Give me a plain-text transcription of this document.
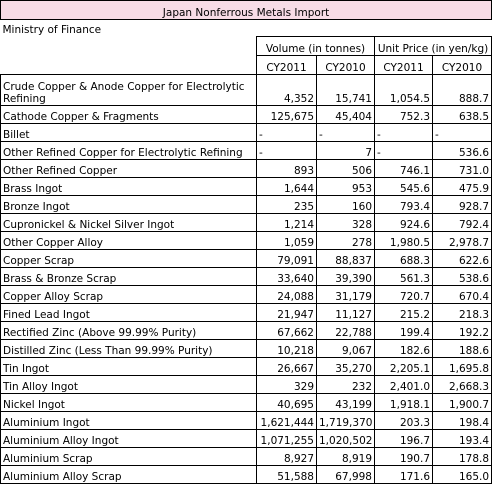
Japan Nonferrous Metals Import				
Ministry of Finance				
	Volume (in tonnes)		Unit Price (in yen/kg)	
	CY2011	CY2010	CY2011	CY2010
Crude Copper & Anode Copper for Electrolytic Refining	4,352	15,741	1,054.5	888.7
Cathode Copper & Fragments	125,675	45,404	752.3	638.5
Billet	-	-	-	-
Other Refined Copper for Electrolytic Refining	-	7	-	536.6
Other Refined Copper	893	506	746.1	731.0
Brass Ingot	1,644	953	545.6	475.9
Bronze Ingot	235	160	793.4	928.7
Cupronickel & Nickel Silver Ingot	1,214	328	924.6	792.4
Other Copper Alloy	1,059	278	1,980.5	2,978.7
Copper Scrap	79,091	88,837	688.3	622.6
Brass & Bronze Scrap	33,640	39,390	561.3	538.6
Copper Alloy Scrap	24,088	31,179	720.7	670.4
Fined Lead Ingot	21,947	11,127	215.2	218.3
Rectified Zinc (Above 99.99% Purity)	67,662	22,788	199.4	192.2
Distilled Zinc (Less Than 99.99% Purity)	10,218	9,067	182.6	188.6
Tin Ingot	26,667	35,270	2,205.1	1,695.8
Tin Alloy Ingot	329	232	2,401.0	2,668.3
Nickel Ingot	40,695	43,199	1,918.1	1,900.7
Aluminium Ingot	1,621,444	1,719,370	203.3	198.4
Aluminium Alloy Ingot	1,071,255	1,020,502	196.7	193.4
Aluminium Scrap	8,927	8,919	190.7	178.8
Aluminium Alloy Scrap	51,588	67,998	171.6	165.0
